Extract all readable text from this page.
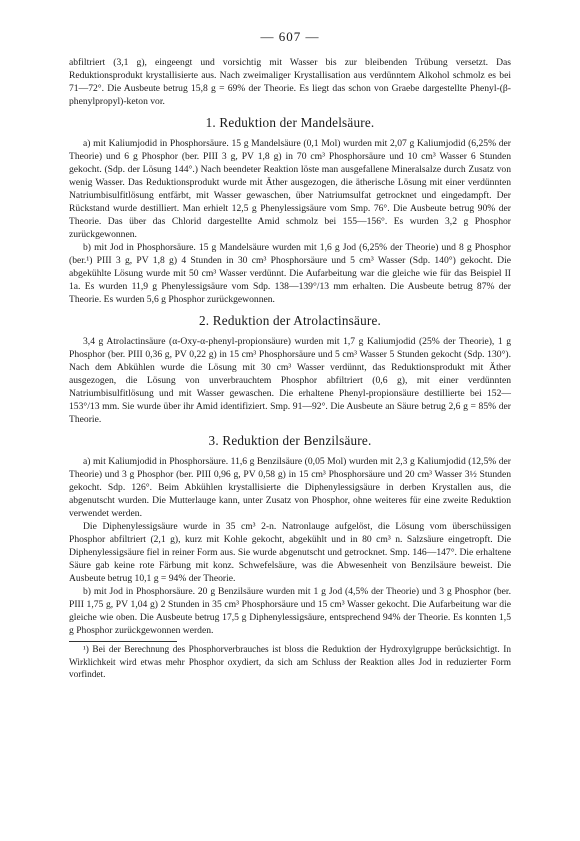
— 607 —

abfiltriert (3,1 g), eingeengt und vorsichtig mit Wasser bis zur bleibenden Trübung versetzt. Das Reduktionsprodukt krystallisierte aus. Nach zweimaliger Krystallisation aus verdünntem Alkohol schmolz es bei 71—72°. Die Ausbeute betrug 15,8 g = 69% der Theorie. Es liegt das schon von Graebe dargestellte Phenyl-(β-phenylpropyl)-keton vor.

1. Reduktion der Mandelsäure.

a) mit Kaliumjodid in Phosphorsäure. 15 g Mandelsäure (0,1 Mol) wurden mit 2,07 g Kaliumjodid (6,25% der Theorie) und 6 g Phosphor (ber. PIII 3 g, PV 1,8 g) in 70 cm³ Phosphorsäure und 10 cm³ Wasser 6 Stunden gekocht. (Sdp. der Lösung 144°.) Nach beendeter Reaktion löste man ausgefallene Mineralsalze durch Zusatz von wenig Wasser. Das Reduktionsprodukt wurde mit Äther ausgezogen, die ätherische Lösung mit einer verdünnten Natriumbisulfitlösung entfärbt, mit Wasser gewaschen, über Natriumsulfat getrocknet und eingedampft. Der Rückstand wurde destilliert. Man erhielt 12,5 g Phenylessigsäure vom Smp. 76°. Die Ausbeute betrug 90% der Theorie. Das über das Chlorid dargestellte Amid schmolz bei 155—156°. Es wurden 3,2 g Phosphor zurückgewonnen.

b) mit Jod in Phosphorsäure. 15 g Mandelsäure wurden mit 1,6 g Jod (6,25% der Theorie) und 8 g Phosphor (ber.¹) PIII 3 g, PV 1,8 g) 4 Stunden in 30 cm³ Phosphorsäure und 5 cm³ Wasser (Sdp. 140°) gekocht. Die abgekühlte Lösung wurde mit 50 cm³ Wasser verdünnt. Die Aufarbeitung war die gleiche wie für das Beispiel II 1a. Es wurden 11,9 g Phenylessigsäure vom Sdp. 138—139°/13 mm erhalten. Die Ausbeute betrug 87% der Theorie. Es wurden 5,6 g Phosphor zurückgewonnen.

2. Reduktion der Atrolactinsäure.

3,4 g Atrolactinsäure (α-Oxy-α-phenyl-propionsäure) wurden mit 1,7 g Kaliumjodid (25% der Theorie), 1 g Phosphor (ber. PIII 0,36 g, PV 0,22 g) in 15 cm³ Phosphorsäure und 5 cm³ Wasser 5 Stunden gekocht (Sdp. 130°). Nach dem Abkühlen wurde die Lösung mit 30 cm³ Wasser verdünnt, das Reduktionsprodukt mit Äther ausgezogen, die Lösung von unverbrauchtem Phosphor abfiltriert (0,6 g), mit einer verdünnten Natriumbisulfitlösung und mit Wasser gewaschen. Die erhaltene Phenyl-propionsäure destillierte bei 152—153°/13 mm. Sie wurde über ihr Amid identifiziert. Smp. 91—92°. Die Ausbeute an Säure betrug 2,6 g = 85% der Theorie.

3. Reduktion der Benzilsäure.

a) mit Kaliumjodid in Phosphorsäure. 11,6 g Benzilsäure (0,05 Mol) wurden mit 2,3 g Kaliumjodid (12,5% der Theorie) und 3 g Phosphor (ber. PIII 0,96 g, PV 0,58 g) in 15 cm³ Phosphorsäure und 20 cm³ Wasser 3½ Stunden gekocht. Sdp. 126°. Beim Abkühlen krystallisierte die Diphenylessigsäure in derben Krystallen aus, die abgenutscht wurden. Die Mutterlauge kann, unter Zusatz von Phosphor, ohne weiteres für eine zweite Reduktion verwendet werden.

Die Diphenylessigsäure wurde in 35 cm³ 2-n. Natronlauge aufgelöst, die Lösung vom überschüssigen Phosphor abfiltriert (2,1 g), kurz mit Kohle gekocht, abgekühlt und in 80 cm³ n. Salzsäure eingetropft. Die Diphenylessigsäure fiel in reiner Form aus. Sie wurde abgenutscht und getrocknet. Smp. 146—147°. Die erhaltene Säure gab keine rote Färbung mit konz. Schwefelsäure, was die Abwesenheit von Benzilsäure beweist. Die Ausbeute betrug 10,1 g = 94% der Theorie.

b) mit Jod in Phosphorsäure. 20 g Benzilsäure wurden mit 1 g Jod (4,5% der Theorie) und 3 g Phosphor (ber. PIII 1,75 g, PV 1,04 g) 2 Stunden in 35 cm³ Phosphorsäure und 15 cm³ Wasser gekocht. Die Aufarbeitung war die gleiche wie oben. Die Ausbeute betrug 17,5 g Diphenylessigsäure, entsprechend 94% der Theorie. Es konnten 1,5 g Phosphor zurückgewonnen werden.

¹) Bei der Berechnung des Phosphorverbrauches ist bloss die Reduktion der Hydroxylgruppe berücksichtigt. In Wirklichkeit wird etwas mehr Phosphor oxydiert, da sich am Schluss der Reaktion alles Jod in reduzierter Form vorfindet.
